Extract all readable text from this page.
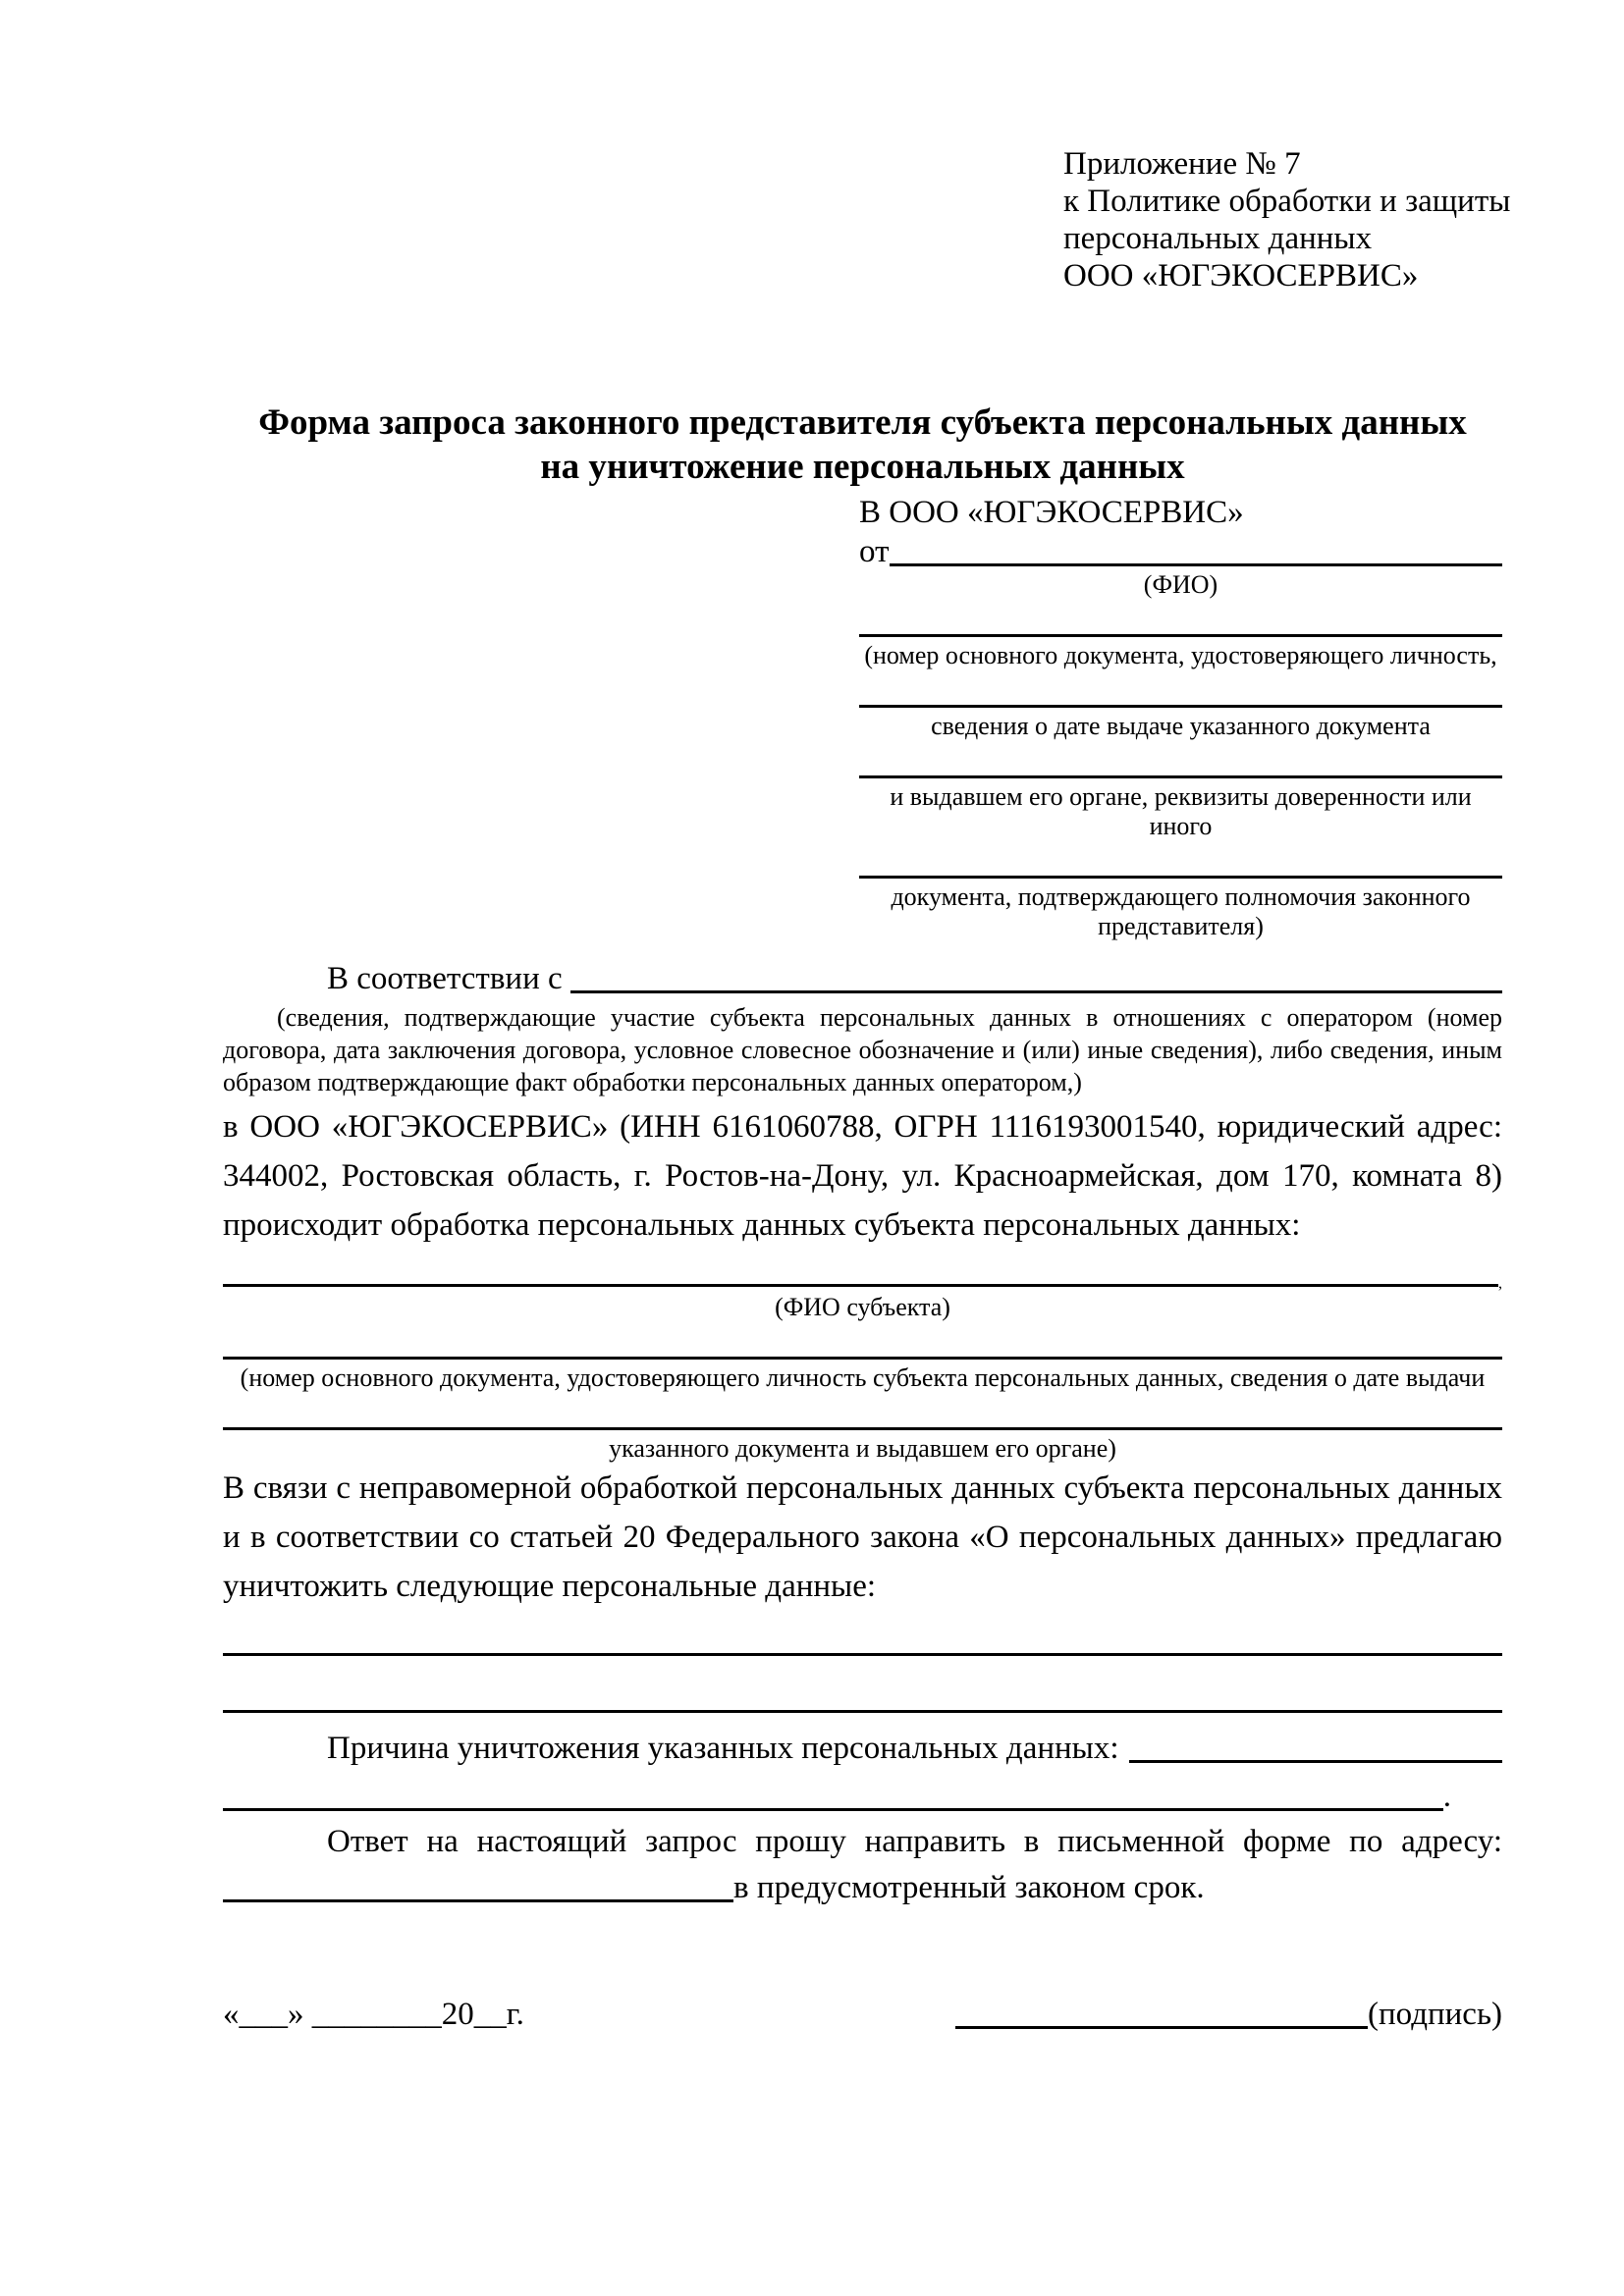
Приложение № 7
к Политике обработки и защиты
персональных данных
ООО «ЮГЭКОСЕРВИС»
Форма запроса законного представителя субъекта персональных данных
на уничтожение персональных данных
В ООО «ЮГЭКОСЕРВИС»
от
(ФИО)
(номер основного документа, удостоверяющего личность,
сведения о дате выдаче указанного документа
и выдавшем его органе, реквизиты доверенности или иного
документа, подтверждающего полномочия законного представителя)
В соответствии с
(сведения, подтверждающие участие субъекта персональных данных в отношениях с оператором (номер договора, дата заключения договора, условное словесное обозначение и (или) иные сведения), либо сведения, иным образом подтверждающие факт обработки персональных данных оператором,)
в ООО «ЮГЭКОСЕРВИС» (ИНН 6161060788, ОГРН 1116193001540, юридический адрес: 344002, Ростовская область, г. Ростов-на-Дону, ул. Красноармейская, дом 170, комната 8) происходит обработка персональных данных субъекта персональных данных:
,
(ФИО субъекта)
(номер основного документа, удостоверяющего личность субъекта персональных данных, сведения о дате выдачи
указанного документа и выдавшем его органе)
В связи с неправомерной обработкой персональных данных субъекта персональных данных и в соответствии со статьей 20 Федерального закона «О персональных данных» предлагаю уничтожить следующие персональные данные:
Причина уничтожения указанных персональных данных:
.
Ответ на настоящий запрос прошу направить в письменной форме по адресу:
в предусмотренный законом срок.
«___» ________20__г.	(подпись)
